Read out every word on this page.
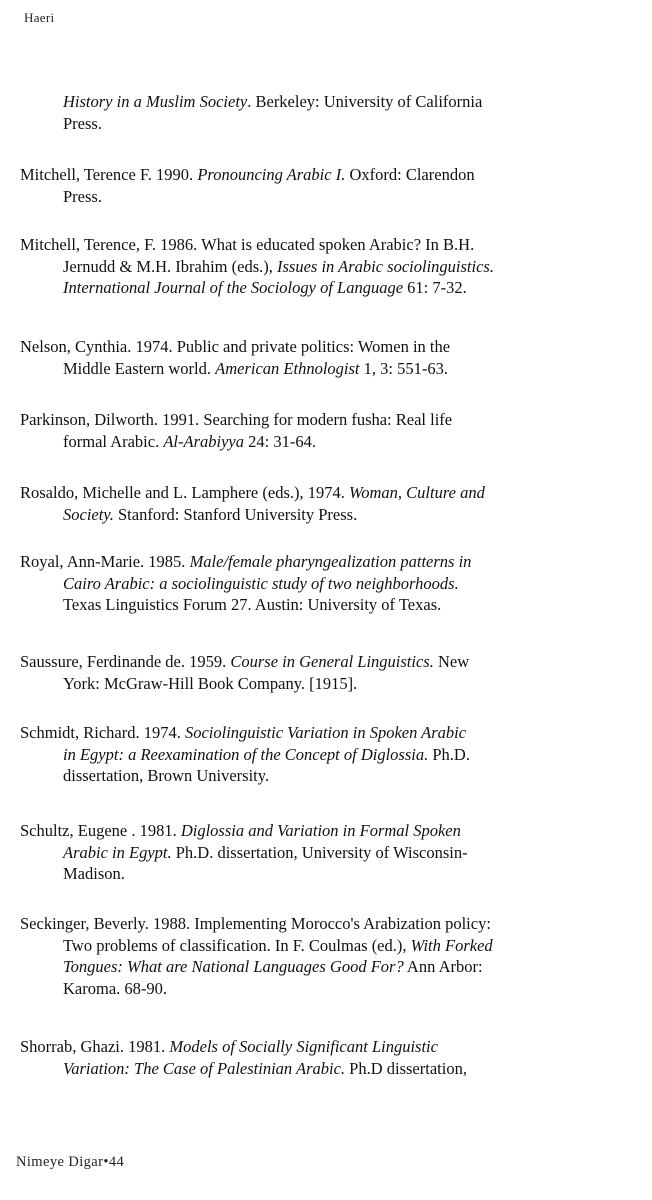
Haeri
History in a Muslim Society. Berkeley: University of California
Press.
Mitchell, Terence F. 1990. Pronouncing Arabic I. Oxford: Clarendon
Press.
Mitchell, Terence, F. 1986. What is educated spoken Arabic? In B.H.
Jernudd & M.H. Ibrahim (eds.), Issues in Arabic sociolinguistics.
International Journal of the Sociology of Language 61: 7-32.
Nelson, Cynthia. 1974. Public and private politics: Women in the
Middle Eastern world. American Ethnologist 1, 3: 551-63.
Parkinson, Dilworth. 1991. Searching for modern fusha: Real life
formal Arabic. Al-Arabiyya 24: 31-64.
Rosaldo, Michelle and L. Lamphere (eds.), 1974. Woman, Culture and
Society. Stanford: Stanford University Press.
Royal, Ann-Marie. 1985. Male/female pharyngealization patterns in
Cairo Arabic: a sociolinguistic study of two neighborhoods.
Texas Linguistics Forum 27. Austin: University of Texas.
Saussure, Ferdinande de. 1959. Course in General Linguistics. New
York: McGraw-Hill Book Company. [1915].
Schmidt, Richard. 1974. Sociolinguistic Variation in Spoken Arabic
in Egypt: a Reexamination of the Concept of Diglossia. Ph.D.
dissertation, Brown University.
Schultz, Eugene . 1981. Diglossia and Variation in Formal Spoken
Arabic in Egypt. Ph.D. dissertation, University of Wisconsin-
Madison.
Seckinger, Beverly. 1988. Implementing Morocco's Arabization policy:
Two problems of classification. In F. Coulmas (ed.), With Forked
Tongues: What are National Languages Good For? Ann Arbor:
Karoma. 68-90.
Shorrab, Ghazi. 1981. Models of Socially Significant Linguistic
Variation: The Case of Palestinian Arabic. Ph.D dissertation,
Nimeye Digar•44
